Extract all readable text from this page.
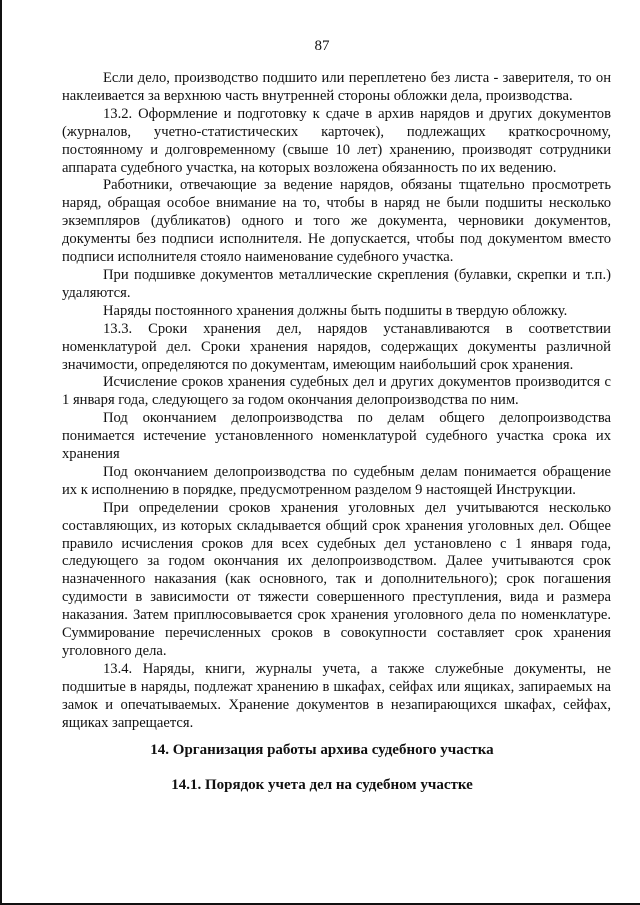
87

Если дело, производство подшито или переплетено без листа - заверителя, то он наклеивается за верхнюю часть внутренней стороны обложки дела, производства.

13.2. Оформление и подготовку к сдаче в архив нарядов и других документов (журналов, учетно-статистических карточек), подлежащих краткосрочному, постоянному и долговременному (свыше 10 лет) хранению, производят сотрудники аппарата судебного участка, на которых возложена обязанность по их ведению.

Работники, отвечающие за ведение нарядов, обязаны тщательно просмотреть наряд, обращая особое внимание на то, чтобы в наряд не были подшиты несколько экземпляров (дубликатов) одного и того же документа, черновики документов, документы без подписи исполнителя. Не допускается, чтобы под документом вместо подписи исполнителя стояло наименование судебного участка.

При подшивке документов металлические скрепления (булавки, скрепки и т.п.) удаляются.

Наряды постоянного хранения должны быть подшиты в твердую обложку.

13.3. Сроки хранения дел, нарядов устанавливаются в соответствии номенклатурой дел. Сроки хранения нарядов, содержащих документы различной значимости, определяются по документам, имеющим наибольший срок хранения.

Исчисление сроков хранения судебных дел и других документов производится с 1 января года, следующего за годом окончания делопроизводства по ним.

Под окончанием делопроизводства по делам общего делопроизводства понимается истечение установленного номенклатурой судебного участка срока их хранения

Под окончанием делопроизводства по судебным делам понимается обращение их к исполнению в порядке, предусмотренном разделом 9 настоящей Инструкции.

При определении сроков хранения уголовных дел учитываются несколько составляющих, из которых складывается общий срок хранения уголовных дел. Общее правило исчисления сроков для всех судебных дел установлено с 1 января года, следующего за годом окончания их делопроизводством. Далее учитываются срок назначенного наказания (как основного, так и дополнительного); срок погашения судимости в зависимости от тяжести совершенного преступления, вида и размера наказания. Затем приплюсовывается срок хранения уголовного дела по номенклатуре. Суммирование перечисленных сроков в совокупности составляет срок хранения уголовного дела.

13.4. Наряды, книги, журналы учета, а также служебные документы, не подшитые в наряды, подлежат хранению в шкафах, сейфах или ящиках, запираемых на замок и опечатываемых. Хранение документов в незапирающихся шкафах, сейфах, ящиках запрещается.

14. Организация работы архива судебного участка
14.1. Порядок учета дел на судебном участке
